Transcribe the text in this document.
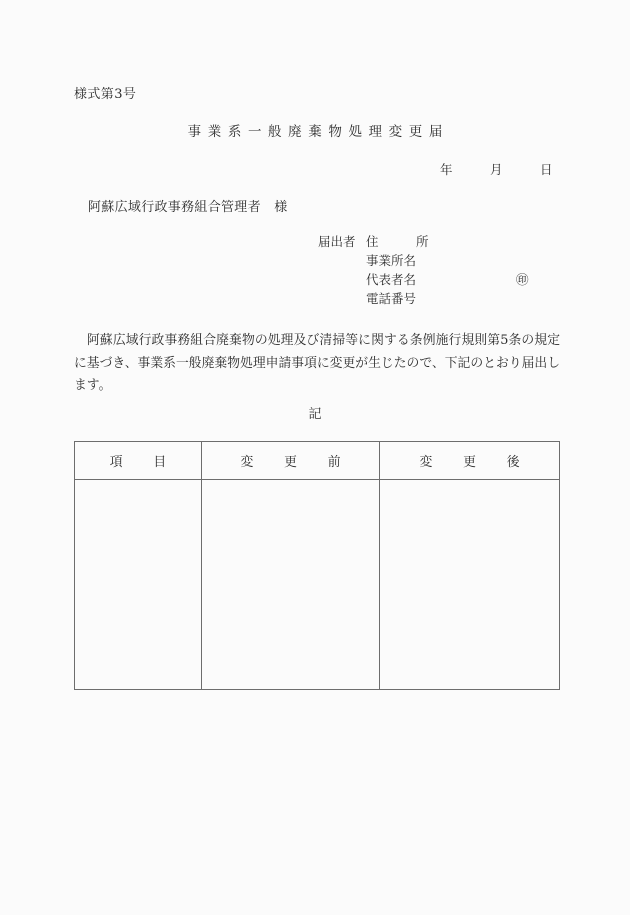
様式第3号
事業系一般廃棄物処理変更届
年　　　月　　　日
阿蘇広域行政事務組合管理者　様
届出者 住　　　所
事業所名
代表者名	㊞
電話番号
阿蘇広域行政事務組合廃棄物の処理及び清掃等に関する条例施行規則第5条の規定に基づき、事業系一般廃棄物処理申請事項に変更が生じたので、下記のとおり届出します。
記
項　目	変　更　前	変　更　後
